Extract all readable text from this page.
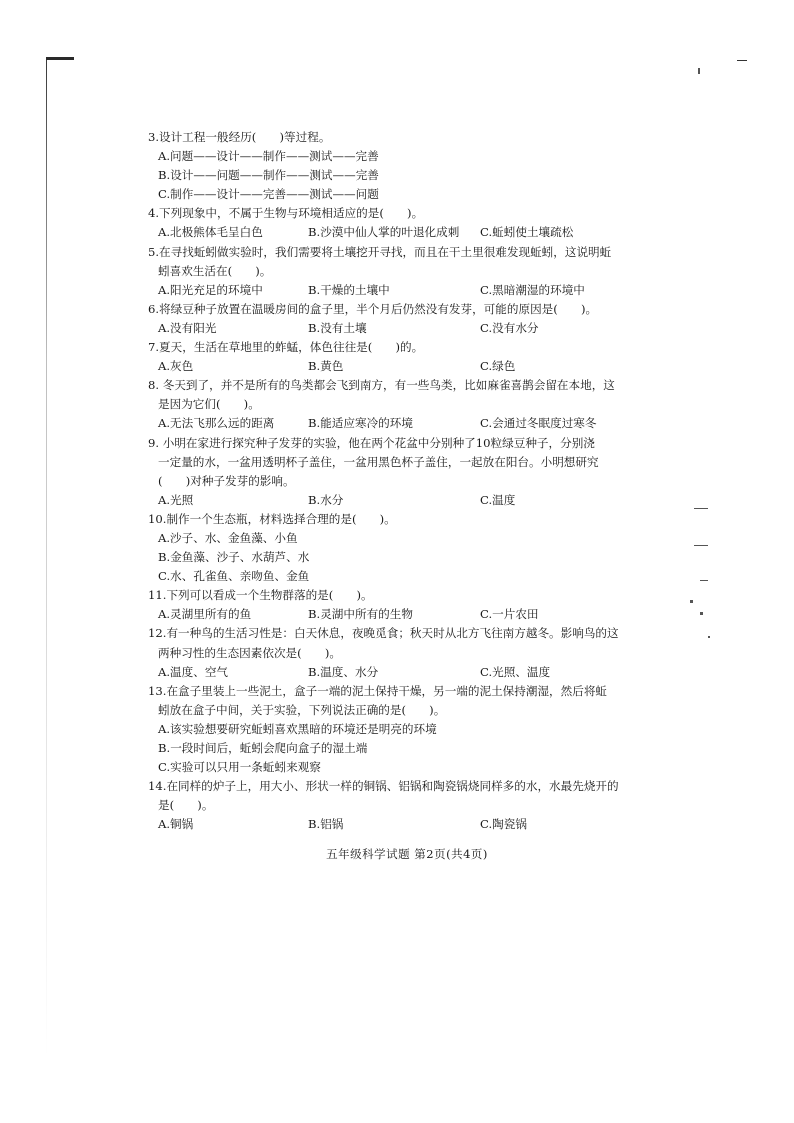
3.设计工程一般经历(　　)等过程。
A.问题——设计——制作——测试——完善
B.设计——问题——制作——测试——完善
C.制作——设计——完善——测试——问题
4.下列现象中，不属于生物与环境相适应的是(　　)。
A.北极熊体毛呈白色	B.沙漠中仙人掌的叶退化成刺 C.蚯蚓使土壤疏松
5.在寻找蚯蚓做实验时，我们需要将土壤挖开寻找，而且在干土里很难发现蚯蚓，这说明蚯
蚓喜欢生活在(　　)。
A.阳光充足的环境中	B.干燥的土壤中	C.黑暗潮湿的环境中
6.将绿豆种子放置在温暖房间的盒子里，半个月后仍然没有发芽，可能的原因是(　　)。
A.没有阳光	B.没有土壤	C.没有水分
7.夏天，生活在草地里的蚱蜢，体色往往是(　　)的。
A.灰色	B.黄色	C.绿色
8. 冬天到了，并不是所有的鸟类都会飞到南方，有一些鸟类，比如麻雀喜鹊会留在本地，这
是因为它们(　　)。
A.无法飞那么远的距离	B.能适应寒冷的环境	C.会通过冬眠度过寒冬
9. 小明在家进行探究种子发芽的实验，他在两个花盆中分别种了10粒绿豆种子，分别浇
一定量的水，一盆用透明杯子盖住，一盆用黑色杯子盖住，一起放在阳台。小明想研究
(　　)对种子发芽的影响。
A.光照	B.水分	C.温度
10.制作一个生态瓶，材料选择合理的是(　　)。
A.沙子、水、金鱼藻、小鱼
B.金鱼藻、沙子、水葫芦、水
C.水、孔雀鱼、亲吻鱼、金鱼
11.下列可以看成一个生物群落的是(　　)。
A.灵湖里所有的鱼	B.灵湖中所有的生物	C.一片农田
12.有一种鸟的生活习性是：白天休息，夜晚觅食；秋天时从北方飞往南方越冬。影响鸟的这
两种习性的生态因素依次是(　　)。
A.温度、空气	B.温度、水分	C.光照、温度
13.在盒子里装上一些泥土，盒子一端的泥土保持干燥，另一端的泥土保持潮湿，然后将蚯
蚓放在盒子中间，关于实验，下列说法正确的是(　　)。
A.该实验想要研究蚯蚓喜欢黑暗的环境还是明亮的环境
B.一段时间后，蚯蚓会爬向盒子的湿土端
C.实验可以只用一条蚯蚓来观察
14.在同样的炉子上，用大小、形状一样的铜锅、铝锅和陶瓷锅烧同样多的水，水最先烧开的
是(　　)。
A.铜锅	B.铝锅	C.陶瓷锅
五年级科学试题 第2页(共4页)
